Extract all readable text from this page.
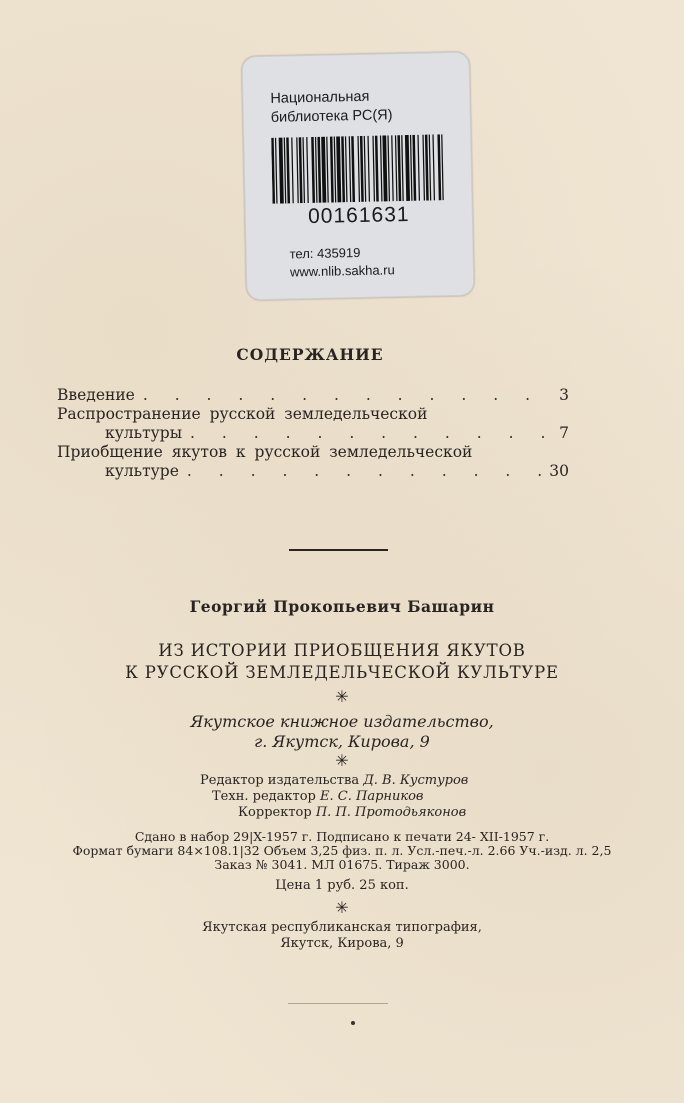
Национальная
библиотека РС(Я)
00161631
тел: 435919
www.nlib.sakha.ru
СОДЕРЖАНИЕ
Введение . . .	3
Распространение русской земледельческой
культуры . . .	7
Приобщение якутов к русской земледельческой
культуре . . .	30
Георгий Прокопьевич Башарин
ИЗ ИСТОРИИ ПРИОБЩЕНИЯ ЯКУТОВ
К РУССКОЙ ЗЕМЛЕДЕЛЬЧЕСКОЙ КУЛЬТУРЕ
✳
Якутское книжное издательство,
г. Якутск, Кирова, 9
✳
Редактор издательства Д. В. Кустуров
Техн. редактор Е. С. Парников
Корректор П. П. Протодьяконов
Сдано в набор 29|X-1957 г. Подписано к печати 24- XII-1957 г.
Формат бумаги 84×108.1|32 Объем 3,25 физ. п. л. Усл.-печ.-л. 2.66 Уч.-изд. л. 2,5
Заказ № 3041. МЛ 01675. Тираж 3000.
Цена 1 руб. 25 коп.
✳
Якутская республиканская типография,
Якутск, Кирова, 9
